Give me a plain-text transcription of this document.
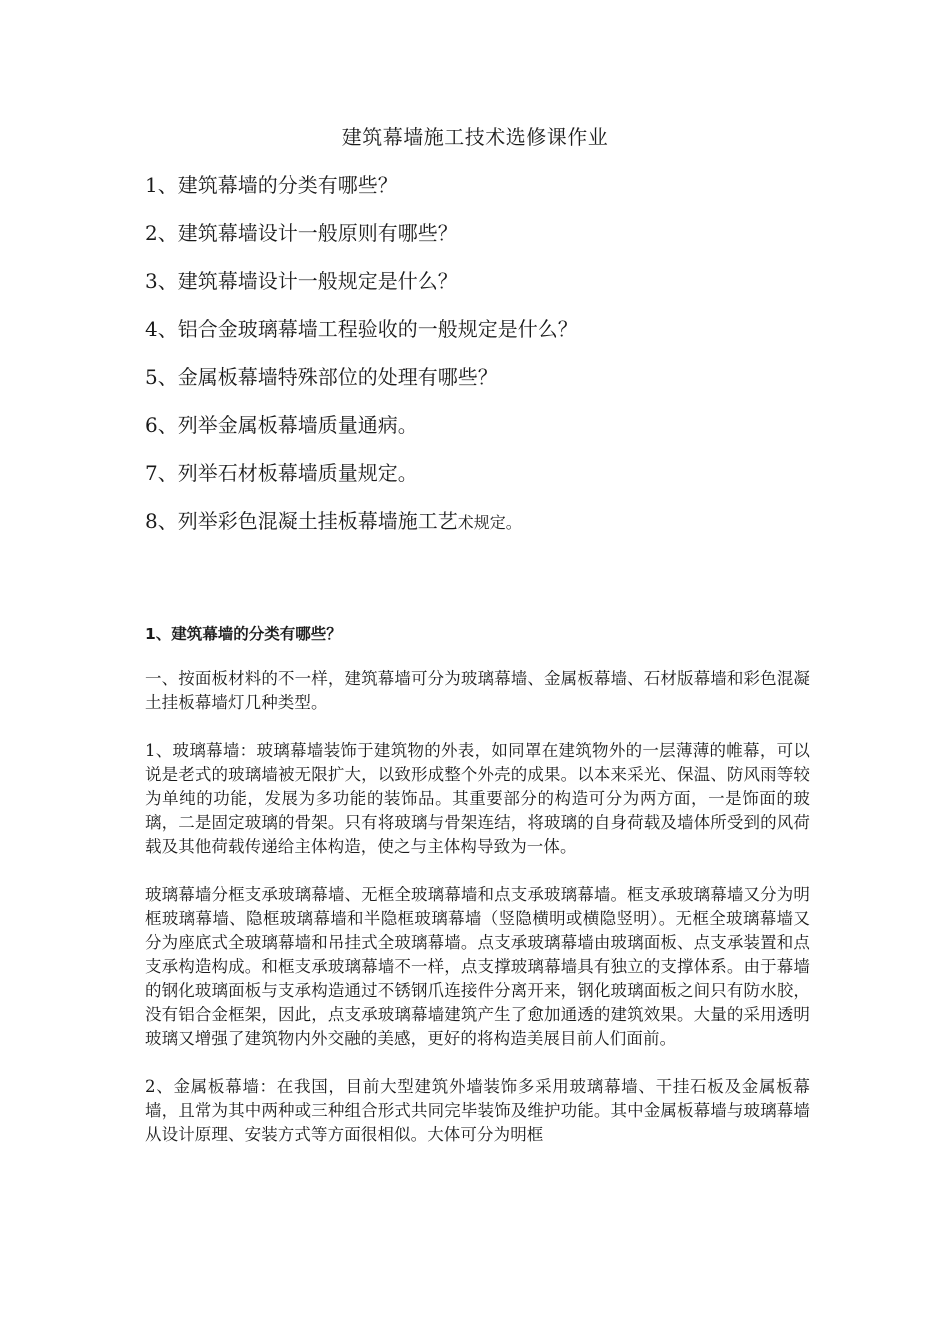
建筑幕墙施工技术选修课作业
1、建筑幕墙的分类有哪些？
2、建筑幕墙设计一般原则有哪些？
3、建筑幕墙设计一般规定是什么？
4、铝合金玻璃幕墙工程验收的一般规定是什么？
5、金属板幕墙特殊部位的处理有哪些？
6、列举金属板幕墙质量通病。
7、列举石材板幕墙质量规定。
8、列举彩色混凝土挂板幕墙施工艺术规定。
1、建筑幕墙的分类有哪些？

一、按面板材料的不一样，建筑幕墙可分为玻璃幕墙、金属板幕墙、石材版幕墙和彩色混凝土挂板幕墙灯几种类型。

1、玻璃幕墙：玻璃幕墙装饰于建筑物的外表，如同罩在建筑物外的一层薄薄的帷幕，可以说是老式的玻璃墙被无限扩大，以致形成整个外壳的成果。以本来采光、保温、防风雨等较为单纯的功能，发展为多功能的装饰品。其重要部分的构造可分为两方面，一是饰面的玻璃，二是固定玻璃的骨架。只有将玻璃与骨架连结，将玻璃的自身荷载及墙体所受到的风荷载及其他荷载传递给主体构造，使之与主体构导致为一体。

玻璃幕墙分框支承玻璃幕墙、无框全玻璃幕墙和点支承玻璃幕墙。框支承玻璃幕墙又分为明框玻璃幕墙、隐框玻璃幕墙和半隐框玻璃幕墙（竖隐横明或横隐竖明）。无框全玻璃幕墙又分为座底式全玻璃幕墙和吊挂式全玻璃幕墙。点支承玻璃幕墙由玻璃面板、点支承装置和点支承构造构成。和框支承玻璃幕墙不一样，点支撑玻璃幕墙具有独立的支撑体系。由于幕墙的钢化玻璃面板与支承构造通过不锈钢爪连接件分离开来，钢化玻璃面板之间只有防水胶，没有铝合金框架，因此，点支承玻璃幕墙建筑产生了愈加通透的建筑效果。大量的采用透明玻璃又增强了建筑物内外交融的美感，更好的将构造美展目前人们面前。

2、金属板幕墙：在我国，目前大型建筑外墙装饰多采用玻璃幕墙、干挂石板及金属板幕墙，且常为其中两种或三种组合形式共同完毕装饰及维护功能。其中金属板幕墙与玻璃幕墙从设计原理、安装方式等方面很相似。大体可分为明框
